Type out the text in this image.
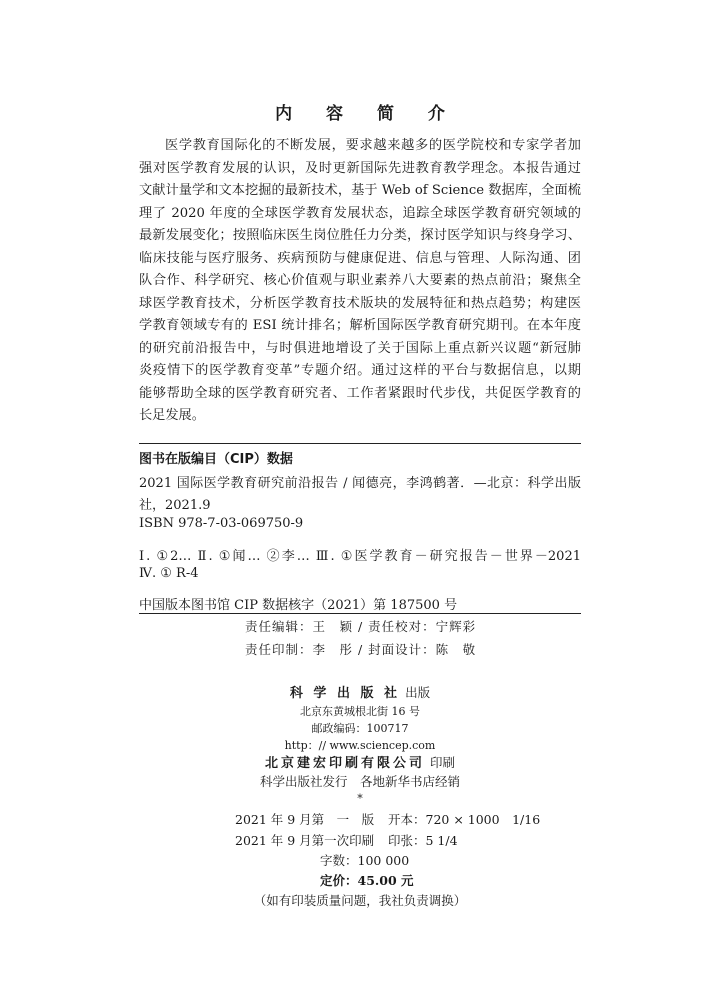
内 容 简 介
医学教育国际化的不断发展，要求越来越多的医学院校和专家学者加
强对医学教育发展的认识，及时更新国际先进教育教学理念。本报告通过
文献计量学和文本挖掘的最新技术，基于 Web of Science 数据库，全面梳
理了 2020 年度的全球医学教育发展状态，追踪全球医学教育研究领域的
最新发展变化；按照临床医生岗位胜任力分类，探讨医学知识与终身学习、
临床技能与医疗服务、疾病预防与健康促进、信息与管理、人际沟通、团
队合作、科学研究、核心价值观与职业素养八大要素的热点前沿；聚焦全
球医学教育技术，分析医学教育技术版块的发展特征和热点趋势；构建医
学教育领域专有的 ESI 统计排名；解析国际医学教育研究期刊。在本年度
的研究前沿报告中，与时俱进地增设了关于国际上重点新兴议题“新冠肺
炎疫情下的医学教育变革”专题介绍。通过这样的平台与数据信息，以期
能够帮助全球的医学教育研究者、工作者紧跟时代步伐，共促医学教育的
长足发展。
图书在版编目（CIP）数据
2021 国际医学教育研究前沿报告 / 闻德亮，李鸿鹤著．—北京：科学出版
社，2021.9
ISBN 978-7-03-069750-9
Ⅰ. ①2… Ⅱ. ①闻… ②李… Ⅲ. ①医学教育－研究报告－世界－2021
Ⅳ. ① R-4
中国版本图书馆 CIP 数据核字（2021）第 187500 号
责任编辑：王　颖 / 责任校对：宁辉彩
责任印制：李　彤 / 封面设计：陈　敬
科 学 出 版 社 出版
北京东黄城根北街 16 号
邮政编码：100717
http：// www.sciencep.com
北京建宏印刷有限公司 印刷
科学出版社发行　各地新华书店经销
*
2021 年 9 月第　一　版 开本：720 × 1000　1/16
2021 年 9 月第一次印刷 印张：5 1/4
字数：100 000
定价：45.00 元
（如有印装质量问题，我社负责调换）
